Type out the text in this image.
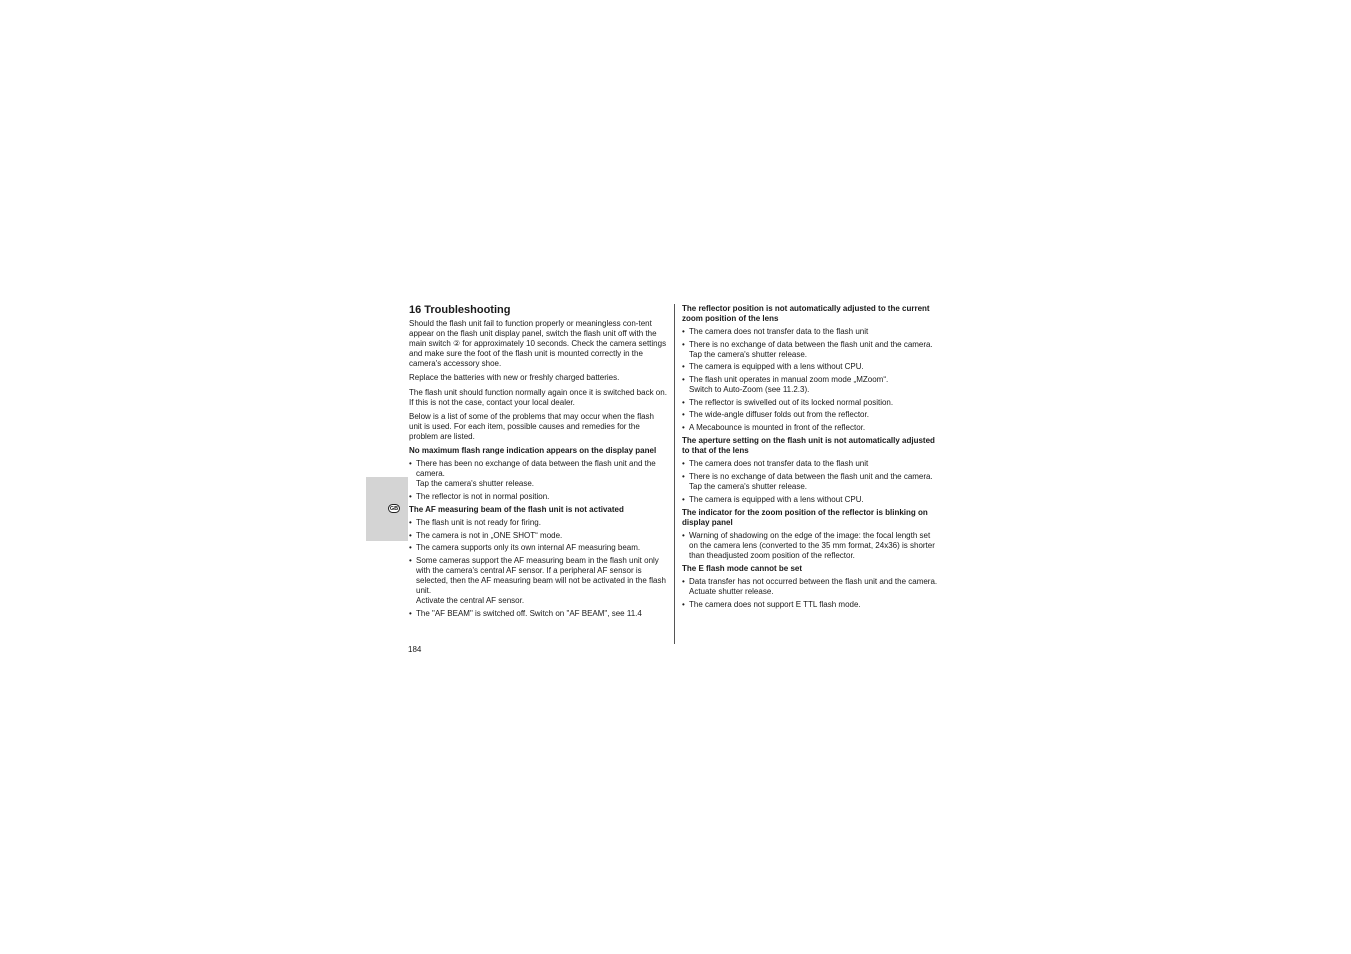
GB
16 Troubleshooting

Should the flash unit fail to function properly or meaningless con-tent appear on the flash unit display panel, switch the flash unit off with the main switch ② for approximately 10 seconds. Check the camera settings and make sure the foot of the flash unit is mounted correctly in the camera's accessory shoe.

Replace the batteries with new or freshly charged batteries.

The flash unit should function normally again once it is switched back on. If this is not the case, contact your local dealer.

Below is a list of some of the problems that may occur when the flash unit is used. For each item, possible causes and remedies for the problem are listed.

No maximum flash range indication appears on the display panel
• There has been no exchange of data between the flash unit and the camera.
Tap the camera's shutter release.
• The reflector is not in normal position.
The AF measuring beam of the flash unit is not activated
• The flash unit is not ready for firing.
• The camera is not in „ONE SHOT“ mode.
• The camera supports only its own internal AF measuring beam.
• Some cameras support the AF measuring beam in the flash unit only with the camera's central AF sensor. If a peripheral AF sensor is selected, then the AF measuring beam will not be activated in the flash unit.
Activate the central AF sensor.
• The "AF BEAM" is switched off. Switch on "AF BEAM", see 11.4
The reflector position is not automatically adjusted to the current zoom position of the lens
• The camera does not transfer data to the flash unit
• There is no exchange of data between the flash unit and the camera. Tap the camera's shutter release.
• The camera is equipped with a lens without CPU.
• The flash unit operates in manual zoom mode „MZoom“.
Switch to Auto-Zoom (see 11.2.3).
• The reflector is swivelled out of its locked normal position.
• The wide-angle diffuser folds out from the reflector.
• A Mecabounce is mounted in front of the reflector.
The aperture setting on the flash unit is not automatically adjusted to that of the lens
• The camera does not transfer data to the flash unit
• There is no exchange of data between the flash unit and the camera. Tap the camera's shutter release.
• The camera is equipped with a lens without CPU.
The indicator for the zoom position of the reflector is blinking on display panel
• Warning of shadowing on the edge of the image: the focal length set on the camera lens (converted to the 35 mm format, 24x36) is shorter than theadjusted zoom position of the reflector.
The E flash mode cannot be set
• Data transfer has not occurred between the flash unit and the camera.
Actuate shutter release.
• The camera does not support E TTL flash mode.
184
